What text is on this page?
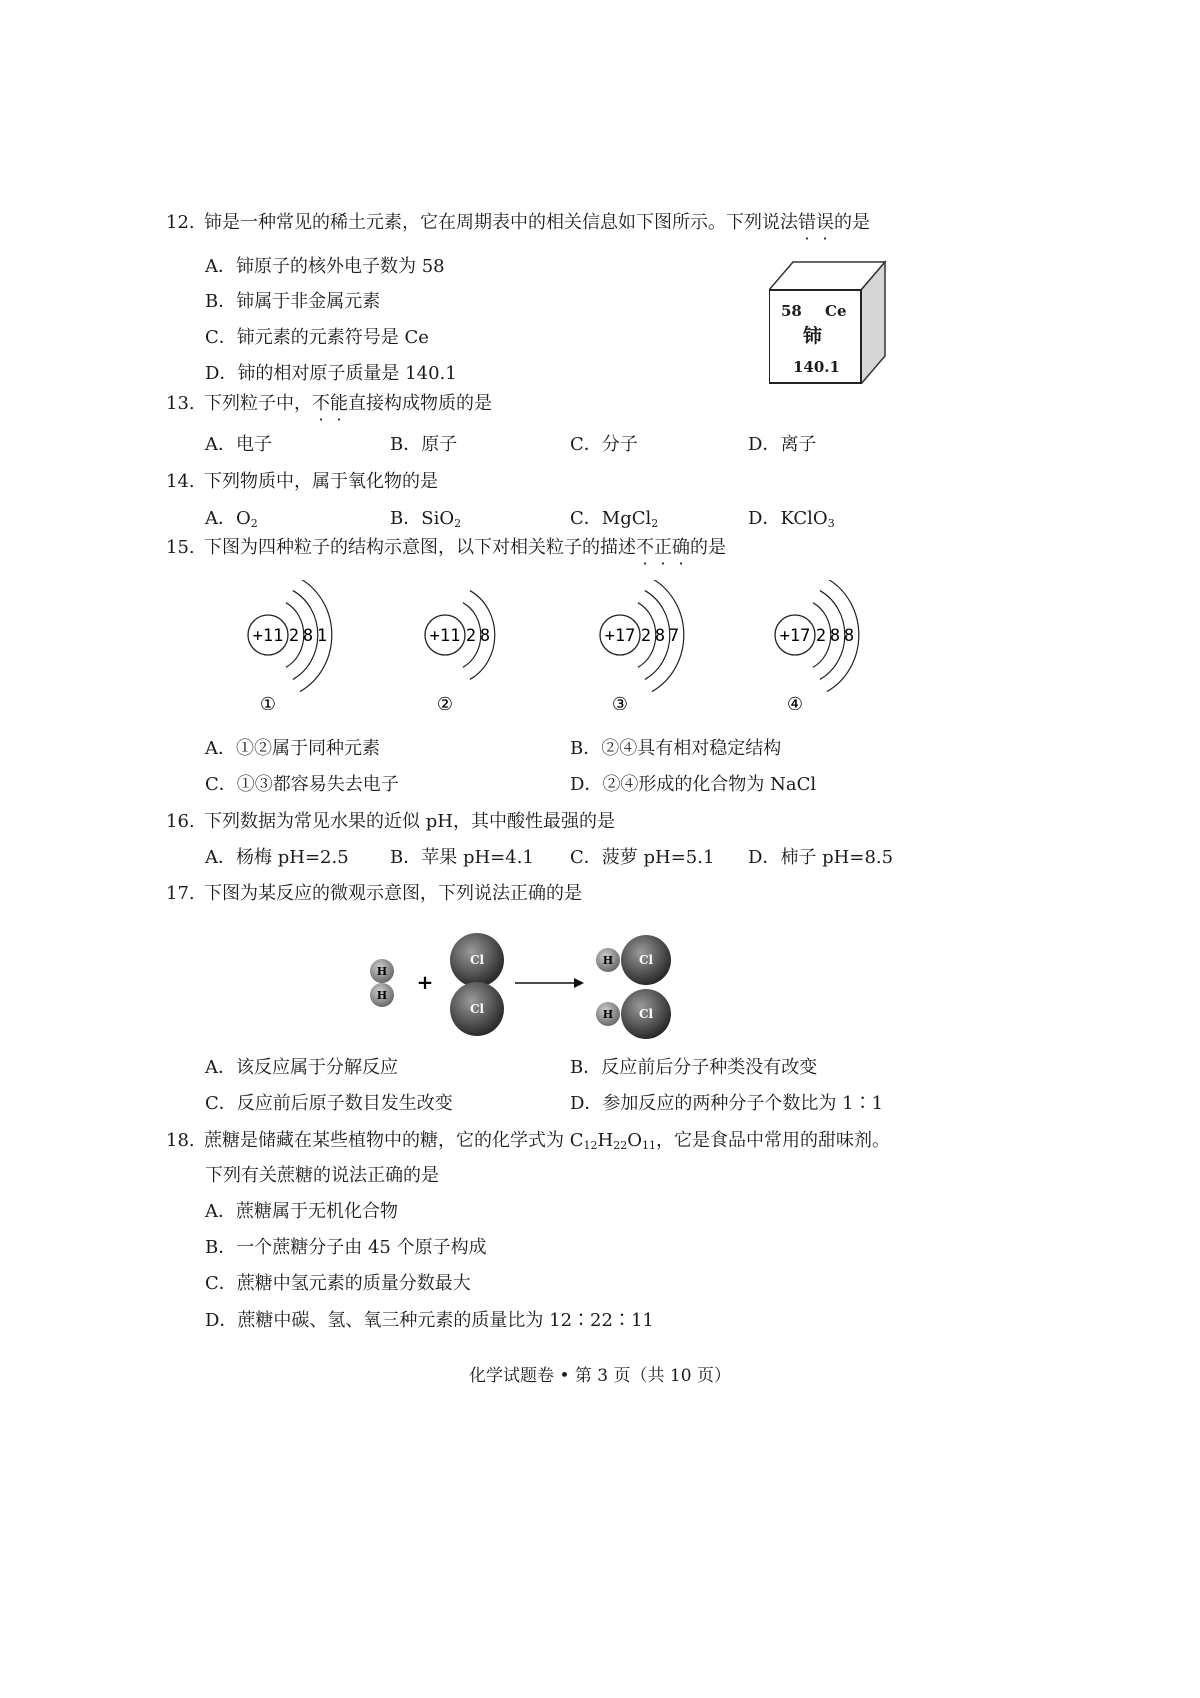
12. 铈是一种常见的稀土元素，它在周期表中的相关信息如下图所示。下列说法错误的是
A．铈原子的核外电子数为 58
B．铈属于非金属元素
C．铈元素的元素符号是 Ce
D．铈的相对原子质量是 140.1
58 Ce
铈
140.1
13. 下列粒子中，不能直接构成物质的是
A．电子	B．原子	C．分子	D．离子
14. 下列物质中，属于氧化物的是
A．$O_2$	B．SiO$_2$	C．MgCl$_2$	D．KClO$_3$
15. 下图为四种粒子的结构示意图，以下对相关粒子的描述不正确的是
+11 2 8 1
①
+11 2 8
②
+17 2 8 7
③
+17 2 8 8
④
A．①②属于同种元素	B．②④具有相对稳定结构
C．①③都容易失去电子	D．②④形成的化合物为 NaCl
16. 下列数据为常见水果的近似 pH，其中酸性最强的是
A．杨梅 pH=2.5 B．苹果 pH=4.1 C．菠萝 pH=5.1 D．柿子 pH=8.5
17. 下图为某反应的微观示意图，下列说法正确的是
H
H
+
Cl
Cl
H Cl
H Cl
A．该反应属于分解反应	B．反应前后分子种类没有改变
C．反应前后原子数目发生改变	D．参加反应的两种分子个数比为 1∶1
18. 蔗糖是储藏在某些植物中的糖，它的化学式为 $C_{12}H_{22}O_{11}$，它是食品中常用的甜味剂。
下列有关蔗糖的说法正确的是
A．蔗糖属于无机化合物
B．一个蔗糖分子由 45 个原子构成
C．蔗糖中氢元素的质量分数最大
D．蔗糖中碳、氢、氧三种元素的质量比为 12∶22∶11
化学试题卷 • 第 3 页（共 10 页）
